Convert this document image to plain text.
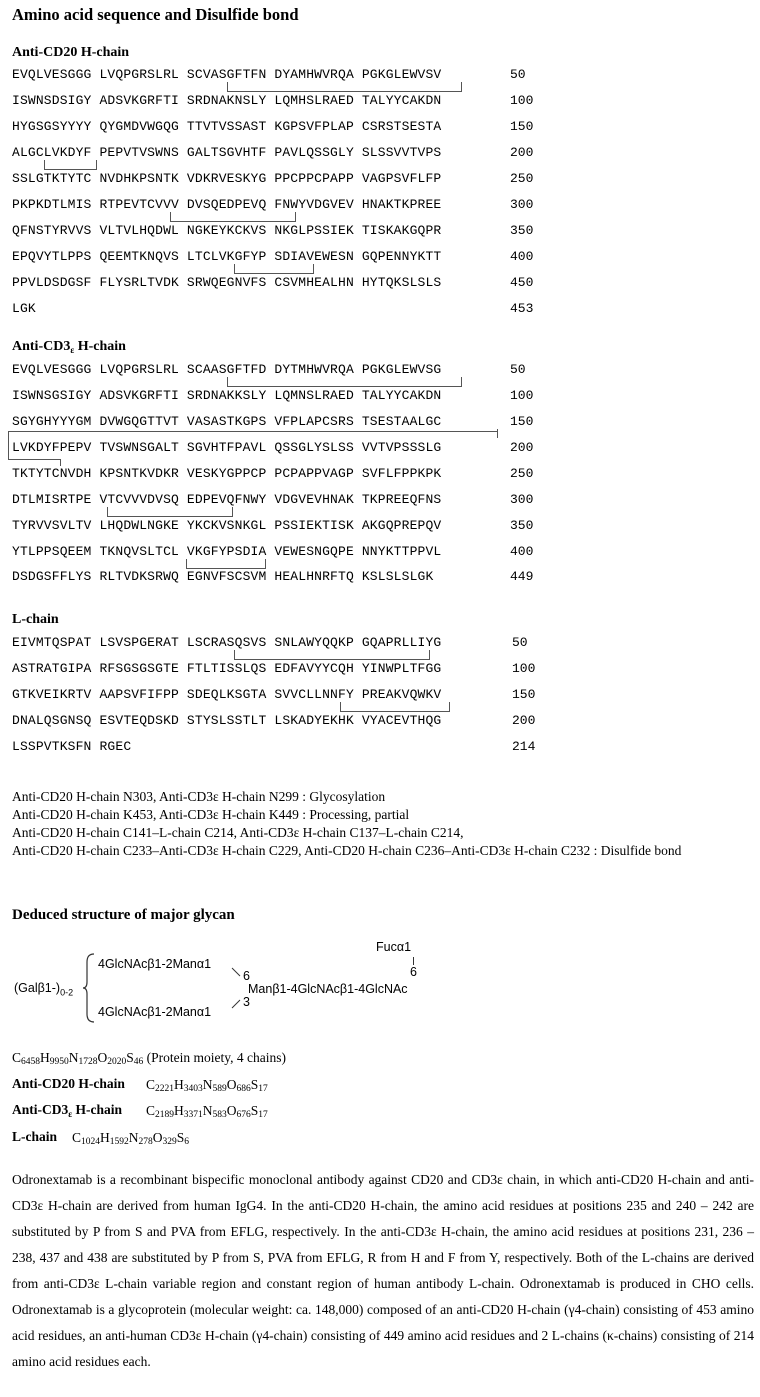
Amino acid sequence and Disulfide bond
Anti-CD20 H-chain
EVQLVESGGG LVQPGRSLRL SCVASGFTFN DYAMHWVRQA PGKGLEWVSV
ISWNSDSIGY ADSVKGRFTI SRDNAKNSLY LQMHSLRAED TALYYCAKDN
HYGSGSYYYY QYGMDVWGQG TTVTVSSAST KGPSVFPLAP CSRSTSESTA
ALGCLVKDYF PEPVTVSWNS GALTSGVHTF PAVLQSSGLY SLSSVVTVPS
SSLGTKTYTC NVDHKPSNTK VDKRVESKYG PPCPPCPAPP VAGPSVFLFP
PKPKDTLMIS RTPEVTCVVV DVSQEDPEVQ FNWYVDGVEV HNAKTKPREE
QFNSTYRVVS VLTVLHQDWL NGKEYKCKVS NKGLPSSIEK TISKAKGQPR
EPQVYTLPPS QEEMTKNQVS LTCLVKGFYP SDIAVEWESN GQPENNYKTT
PPVLDSDGSF FLYSRLTVDK SRWQEGNVFS CSVMHEALHN HYTQKSLSLS
LGK
50
100
150
200
250
300
350
400
450
453
Anti-$CD3_\varepsilon$ H-chain
EVQLVESGGG LVQPGRSLRL SCAASGFTFD DYTMHWVRQA PGKGLEWVSG
ISWNSGSIGY ADSVKGRFTI SRDNAKKSLY LQMNSLRAED TALYYCAKDN
SGYGHYYYGM DVWGQGTTVT VASASTKGPS VFPLAPCSRS TSESTAALGC
LVKDYFPEPV TVSWNSGALT SGVHTFPAVL QSSGLYSLSS VVTVPSSSLG
TKTYTCNVDH KPSNTKVDKR VESKYGPPCP PCPAPPVAGP SVFLFPPKPK
DTLMISRTPE VTCVVVDVSQ EDPEVQFNWY VDGVEVHNAK TKPREEQFNS
TYRVVSVLTV LHQDWLNGKE YKCKVSNKGL PSSIEKTISK AKGQPREPQV
YTLPPSQEEM TKNQVSLTCL VKGFYPSDIA VEWESNGQPE NNYKTTPPVL
DSDGSFFLYS RLTVDKSRWQ EGNVFSCSVM HEALHNRFTQ KSLSLSLGK
50
100
150
200
250
300
350
400
449
L-chain
EIVMTQSPAT LSVSPGERAT LSCRASQSVS SNLAWYQQKP GQAPRLLIYG
ASTRATGIPA RFSGSGSGTE FTLTISSLQS EDFAVYYCQH YINWPLTFGG
GTKVEIKRTV AAPSVFIFPP SDEQLKSGTA SVVCLLNNFY PREAKVQWKV
DNALQSGNSQ ESVTEQDSKD STYSLSSTLT LSKADYEKHK VYACEVTHQG
LSSPVTKSFN RGEC
50
100
150
200
214
Anti-CD20 H-chain N303, Anti-CD3ε H-chain N299 : Glycosylation
Anti-CD20 H-chain K453, Anti-CD3ε H-chain K449 : Processing, partial
Anti-CD20 H-chain C141–L-chain C214, Anti-CD3ε H-chain C137–L-chain C214,
Anti-CD20 H-chain C233–Anti-CD3ε H-chain C229, Anti-CD20 H-chain C236–Anti-CD3ε H-chain C232 : Disulfide bond
Deduced structure of major glycan
Fucα1
6
$(Gal\beta 1-)_{0-2}$
4GlcNAcβ1-2Manα1
4GlcNAcβ1-2Manα1
6
3
Manβ1-4GlcNAcβ1-4GlcNAc
$C_{6458}H_{9950}N_{1728}O_{2020}S_{46}$ (Protein moiety, 4 chains)
Anti-CD20 H-chain $C_{2221}H_{3403}N_{589}O_{686}S_{17}$
Anti-$CD3_\varepsilon$ H-chain $C_{2189}H_{3371}N_{583}O_{676}S_{17}$
L-chain $C_{1024}H_{1592}N_{278}O_{329}S_6$
Odronextamab is a recombinant bispecific monoclonal antibody against CD20 and CD3ε chain, in which anti-CD20 H-chain and anti-CD3ε H-chain are derived from human IgG4. In the anti-CD20 H-chain, the amino acid residues at positions 235 and 240 – 242 are substituted by P from S and PVA from EFLG, respectively. In the anti-CD3ε H-chain, the amino acid residues at positions 231, 236 – 238, 437 and 438 are substituted by P from S, PVA from EFLG, R from H and F from Y, respectively. Both of the L-chains are derived from anti-CD3ε L-chain variable region and constant region of human antibody L-chain. Odronextamab is produced in CHO cells. Odronextamab is a glycoprotein (molecular weight: ca. 148,000) composed of an anti-CD20 H-chain (γ4-chain) consisting of 453 amino acid residues, an anti-human CD3ε H-chain (γ4-chain) consisting of 449 amino acid residues and 2 L-chains (κ-chains) consisting of 214 amino acid residues each.
